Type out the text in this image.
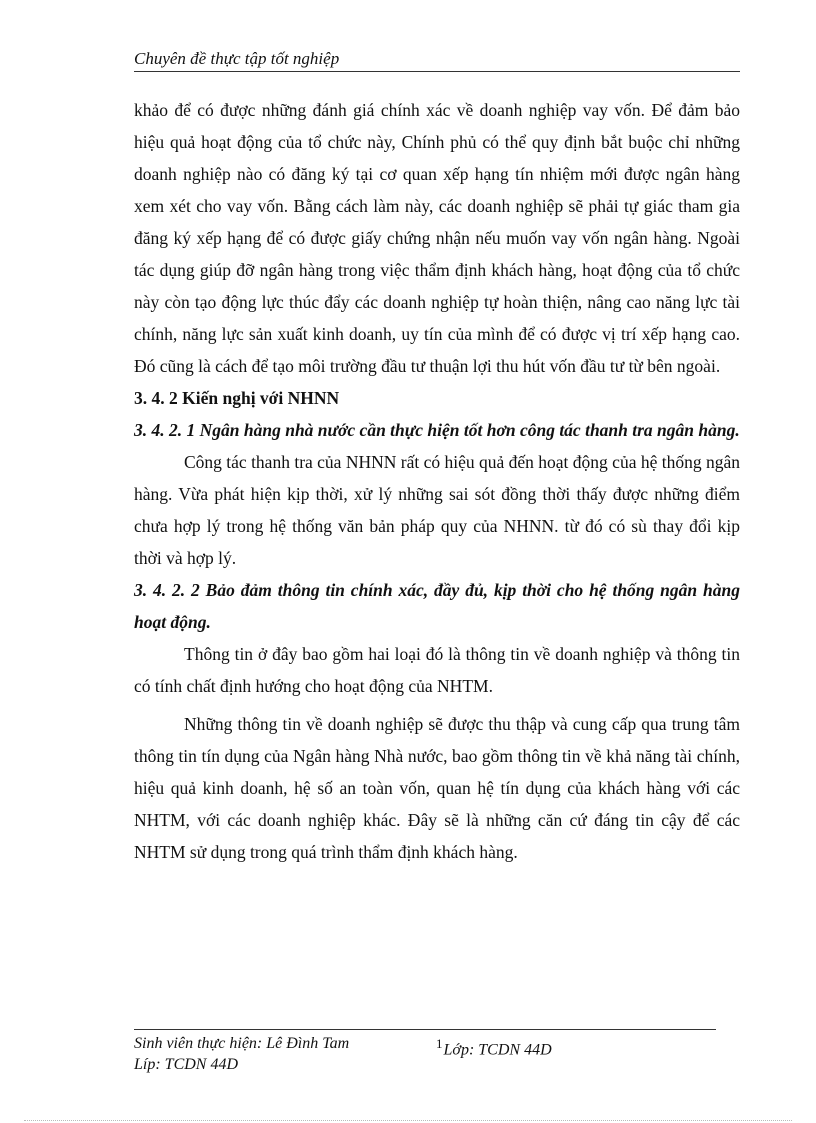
Chuyên đề thực tập tốt nghiệp

khảo để có được những đánh giá chính xác về doanh nghiệp vay vốn. Để đảm bảo hiệu quả hoạt động của tổ chức này, Chính phủ có thể quy định bắt buộc chỉ những doanh nghiệp nào có đăng ký tại cơ quan xếp hạng tín nhiệm mới được ngân hàng xem xét cho vay vốn. Bằng cách làm này, các doanh nghiệp sẽ phải tự giác tham gia đăng ký xếp hạng để có được giấy chứng nhận nếu muốn vay vốn ngân hàng. Ngoài tác dụng giúp đỡ ngân hàng trong việc thẩm định khách hàng, hoạt động của tổ chức này còn tạo động lực thúc đẩy các doanh nghiệp tự hoàn thiện, nâng cao năng lực tài chính, năng lực sản xuất kinh doanh, uy tín của mình để có được vị trí xếp hạng cao. Đó cũng là cách để tạo môi trường đầu tư thuận lợi thu hút vốn đầu tư từ bên ngoài.

3. 4. 2 Kiến nghị với NHNN
3. 4. 2. 1 Ngân hàng nhà nước cần thực hiện tốt hơn công tác thanh tra ngân hàng.

Công tác thanh tra của NHNN rất có hiệu quả đến hoạt động của hệ thống ngân hàng. Vừa phát hiện kịp thời, xử lý những sai sót đồng thời thấy được những điểm chưa hợp lý trong hệ thống văn bản pháp quy của NHNN. từ đó có sù thay đổi kịp thời và hợp lý.

3. 4. 2. 2 Bảo đảm thông tin chính xác, đầy đủ, kịp thời cho hệ thống ngân hàng hoạt động.

Thông tin ở đây bao gồm hai loại đó là thông tin về doanh nghiệp và thông tin có tính chất định hướng cho hoạt động của NHTM.

Những thông tin về doanh nghiệp sẽ được thu thập và cung cấp qua trung tâm thông tin tín dụng của Ngân hàng Nhà nước, bao gồm thông tin về khả năng tài chính, hiệu quả kinh doanh, hệ số an toàn vốn, quan hệ tín dụng của khách hàng với các NHTM, với các doanh nghiệp khác. Đây sẽ là những căn cứ đáng tin cậy để các NHTM sử dụng trong quá trình thẩm định khách hàng.

Sinh viên thực hiện: Lê Đình Tam	$^1$Lớp: TCDN 44D
Líp: TCDN 44D
